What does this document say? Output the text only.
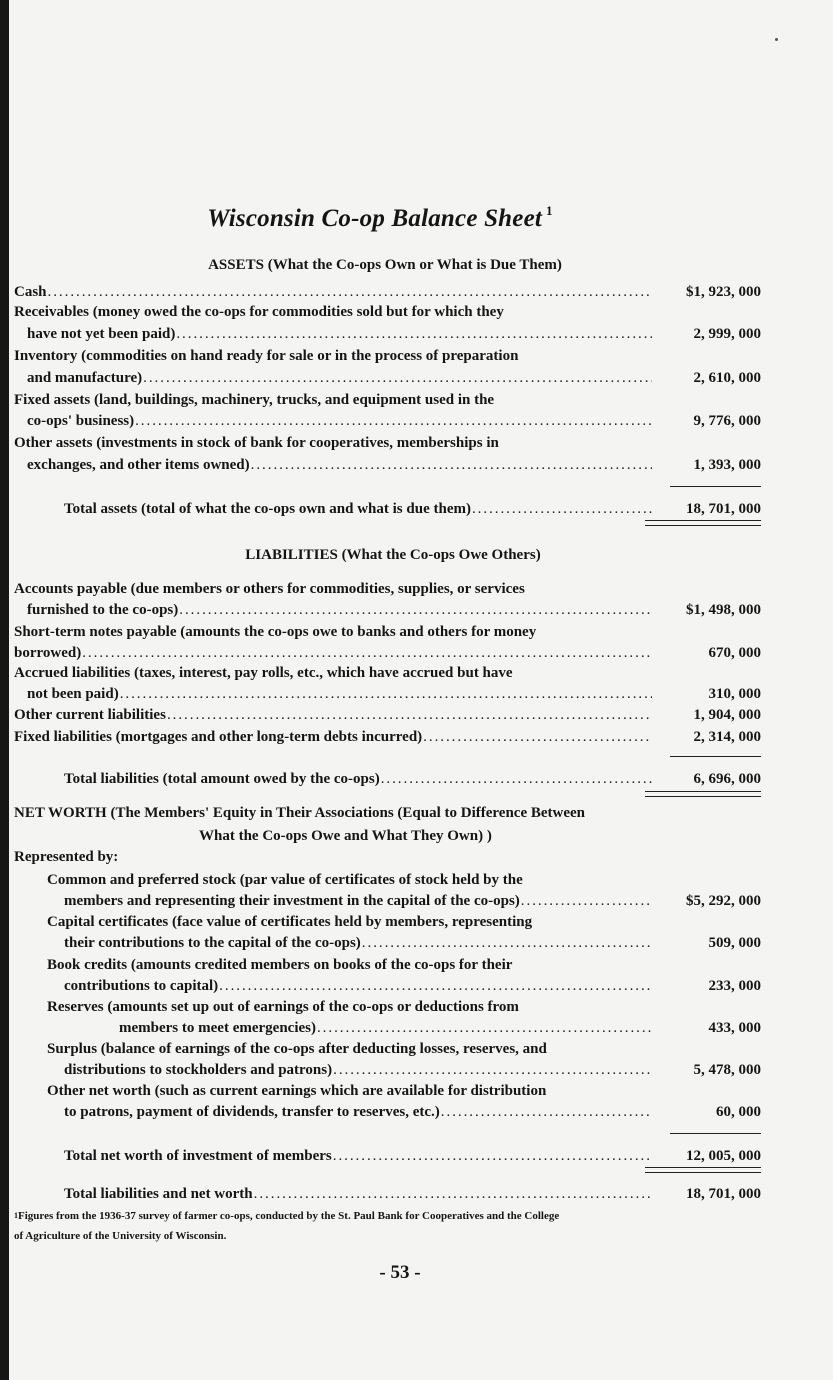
Wisconsin Co-op Balance Sheet $^1$
ASSETS (What the Co-ops Own or What is Due Them)
Cash . . .	$1, 923, 000
Receivables (money owed the co-ops for commodities sold but for which they
have not yet been paid) . . .	2, 999, 000
Inventory (commodities on hand ready for sale or in the process of preparation
and manufacture) . . .	2, 610, 000
Fixed assets (land, buildings, machinery, trucks, and equipment used in the
co-ops' business) . . .	9, 776, 000
Other assets (investments in stock of bank for cooperatives, memberships in
exchanges, and other items owned) . . .	1, 393, 000
Total assets (total of what the co-ops own and what is due them) . . .	18, 701, 000
LIABILITIES (What the Co-ops Owe Others)
Accounts payable (due members or others for commodities, supplies, or services
furnished to the co-ops) . . .	$1, 498, 000
Short-term notes payable (amounts the co-ops owe to banks and others for money
borrowed) . . .	670, 000
Accrued liabilities (taxes, interest, pay rolls, etc., which have accrued but have
not been paid) . . .	310, 000
Other current liabilities . . .	1, 904, 000
Fixed liabilities (mortgages and other long-term debts incurred) . . .	2, 314, 000
Total liabilities (total amount owed by the co-ops) . . .	6, 696, 000
NET WORTH (The Members' Equity in Their Associations (Equal to Difference Between
What the Co-ops Owe and What They Own) )
Represented by:
Common and preferred stock (par value of certificates of stock held by the
members and representing their investment in the capital of the co-ops) . . .	$5, 292, 000
Capital certificates (face value of certificates held by members, representing
their contributions to the capital of the co-ops) . . .	509, 000
Book credits (amounts credited members on books of the co-ops for their
contributions to capital) . . .	233, 000
Reserves (amounts set up out of earnings of the co-ops or deductions from
members to meet emergencies) . . .	433, 000
Surplus (balance of earnings of the co-ops after deducting losses, reserves, and
distributions to stockholders and patrons) . . .	5, 478, 000
Other net worth (such as current earnings which are available for distribution
to patrons, payment of dividends, transfer to reserves, etc.) . . .	60, 000
Total net worth of investment of members . . .	12, 005, 000
Total liabilities and net worth . . .	18, 701, 000
$^1$Figures from the 1936-37 survey of farmer co-ops, conducted by the St. Paul Bank for Cooperatives and the College
of Agriculture of the University of Wisconsin.
- 53 -
